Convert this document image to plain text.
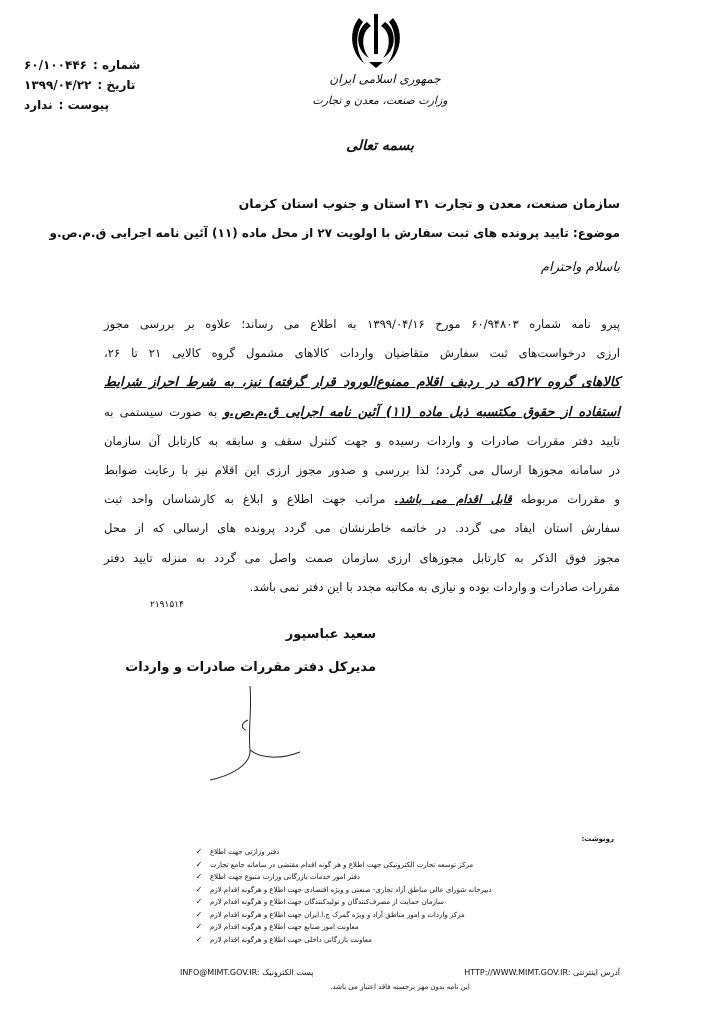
شماره :
۶۰/۱۰۰۴۴۶
تاریخ :
۱۳۹۹/۰۴/۲۲
پیوست :
ندارد
جمهوری اسلامی ایران
وزارت صنعت، معدن و تجارت
بسمه تعالی
سازمان صنعت، معدن و تجارت ۳۱ استان و جنوب استان کرمان
موضوع: تایید پرونده های ثبت سفارش با اولویت ۲۷ از محل ماده (۱۱) آئین نامه اجرایی ق.م.ص.و
باسلام واحترام

پیرو نامه شماره ۶۰/۹۴۸۰۳ مورخ ۱۳۹۹/۰۴/۱۶ به اطلاع می رساند؛ علاوه بر بررسی مجوز

ارزی درخواست‌های ثبت سفارش متقاضیان واردات کالاهای مشمول گروه کالایی ۲۱ تا ۲۶،

کالاهای گروه ۲۷(که در ردیف اقلام ممنوع‌الورود قرار گرفته) نیز، به شرط احراز شرایط

استفاده از حقوق مکتسبه ذیل ماده (۱۱) آئین نامه اجرایی ق.م.ص.و به صورت سیستمی به

تایید دفتر مقررات صادرات و واردات رسیده و جهت کنترل سقف و سابقه به کارتابل آن سازمان

در سامانه مجوزها ارسال می گردد؛ لذا بررسی و صدور مجوز ارزی این اقلام نیز با رعایت ضوابط

و مقررات مربوطه قابل اقدام می باشد. مراتب جهت اطلاع و ابلاغ به کارشناسان واحد ثبت

سفارش استان ایفاد می گردد. در خاتمه خاطرنشان می گردد پرونده های ارسالی که از محل

مجوز فوق الذکر به کارتابل مجوزهای ارزی سازمان صمت واصل می گردد به منزله تایید دفتر

مقررات صادرات و واردات بوده و نیازی به مکاتبه مجدد با این دفتر نمی باشد.

۲۱۹۱۵۱۴
سعید عباسپور
مدیرکل دفتر مقررات صادرات و واردات
رونوشت:
دفتر وزارتی جهت اطلاع
✓
مرکز توسعه تجارت الکترونیکی جهت اطلاع و هر گونه اقدام مقتضی در سامانه جامع تجارت
✓
دفتر امور خدمات بازرگانی وزارت متبوع جهت اطلاع
✓
دبیرخانه شورای عالی مناطق آزاد تجاری- صنعتی و ویژه اقتصادی جهت اطلاع و هرگونه اقدام لازم
✓
سازمان حمایت از مصرف‌کنندگان و تولیدکنندگان جهت اطلاع و هرگونه اقدام لازم
✓
مرکز واردات و امور مناطق آزاد و ویژه گمرک ج.ا.ایران جهت اطلاع و هرگونه اقدام لازم
✓
معاونت امور صنایع جهت اطلاع و هرگونه اقدام لازم
✓
معاونت بازرگانی داخلی جهت اطلاع و هرگونه اقدام لازم
✓
INFO@MIMT.GOV.IR: پست الکترونیک	HTTP://WWW.MIMT.GOV.IR: آدرس اینترنتی
این نامه بدون مهر برجسته فاقد اعتبار می باشد.
